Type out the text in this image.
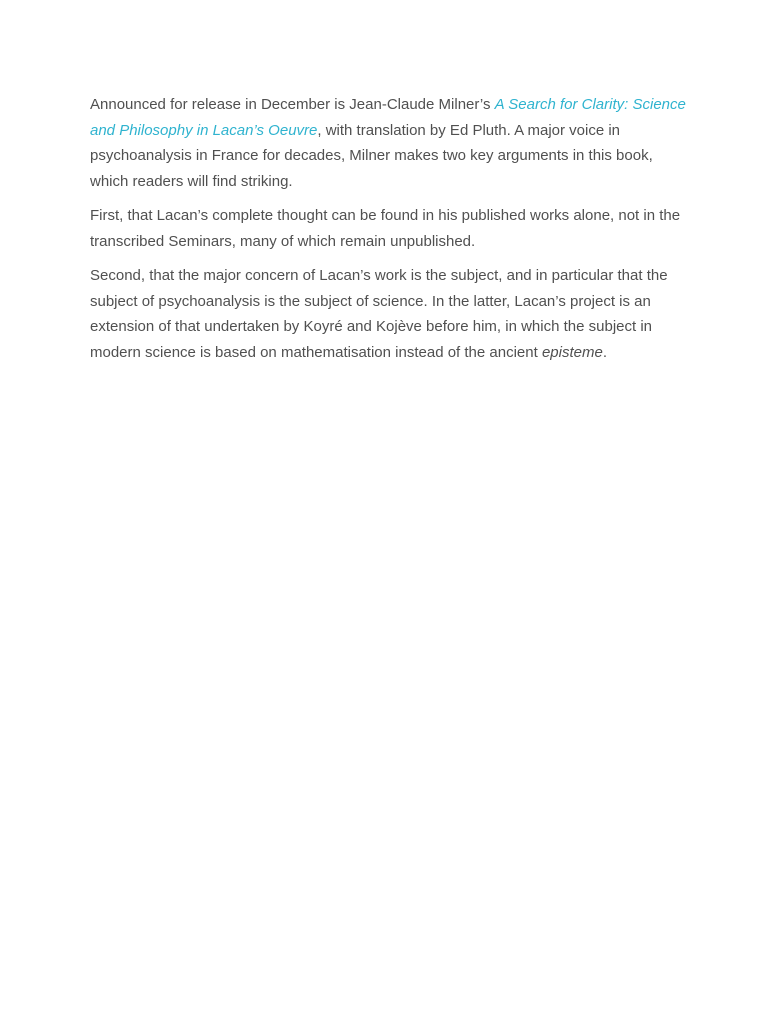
Announced for release in December is Jean-Claude Milner’s A Search for Clarity: Science and Philosophy in Lacan’s Oeuvre, with translation by Ed Pluth. A major voice in psychoanalysis in France for decades, Milner makes two key arguments in this book, which readers will find striking.

First, that Lacan’s complete thought can be found in his published works alone, not in the transcribed Seminars, many of which remain unpublished.

Second, that the major concern of Lacan’s work is the subject, and in particular that the subject of psychoanalysis is the subject of science. In the latter, Lacan’s project is an extension of that undertaken by Koyré and Kojève before him, in which the subject in modern science is based on mathematisation instead of the ancient episteme.
